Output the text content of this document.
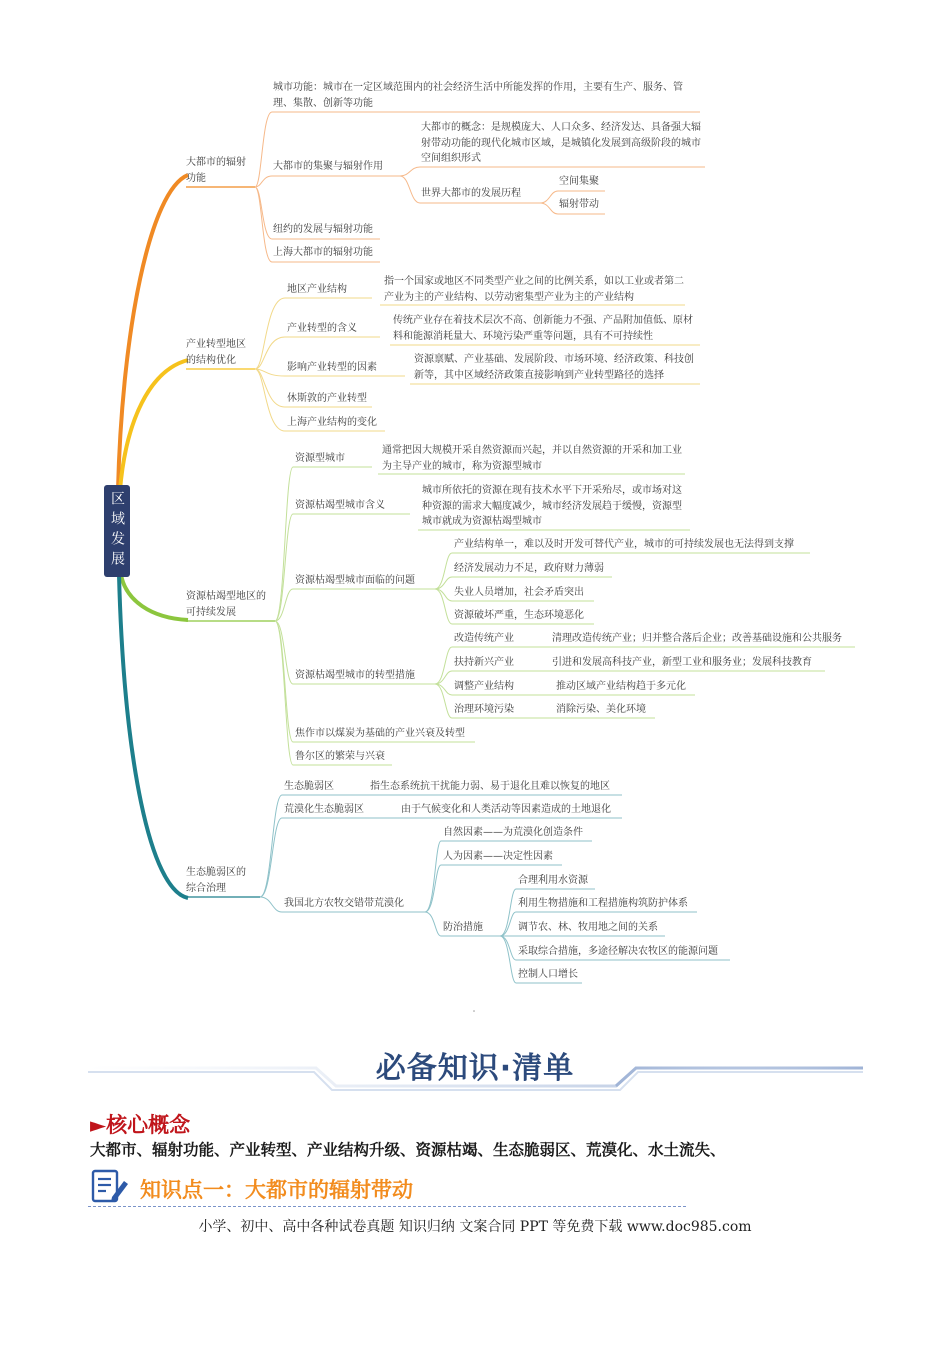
区域发展
大都市的辐射功能
城市功能：城市在一定区域范围内的社会经济生活中所能发挥的作用，主要有生产、服务、管理、集散、创新等功能
大都市的集聚与辐射作用
大都市的概念：是规模庞大、人口众多、经济发达、具备强大辐射带动功能的现代化城市区域，是城镇化发展到高级阶段的城市空间组织形式
世界大都市的发展历程
空间集聚
辐射带动
纽约的发展与辐射功能
上海大都市的辐射功能
产业转型地区的结构优化
地区产业结构
指一个国家或地区不同类型产业之间的比例关系，如以工业或者第二产业为主的产业结构、以劳动密集型产业为主的产业结构
产业转型的含义
传统产业存在着技术层次不高、创新能力不强、产品附加值低、原材料和能源消耗量大、环境污染严重等问题，具有不可持续性
影响产业转型的因素
资源禀赋、产业基础、发展阶段、市场环境、经济政策、科技创新等，其中区域经济政策直接影响到产业转型路径的选择
休斯敦的产业转型
上海产业结构的变化
资源枯竭型地区的可持续发展
资源型城市
通常把因大规模开采自然资源而兴起，并以自然资源的开采和加工业为主导产业的城市，称为资源型城市
资源枯竭型城市含义
城市所依托的资源在现有技术水平下开采殆尽，或市场对这种资源的需求大幅度减少，城市经济发展趋于缓慢，资源型城市就成为资源枯竭型城市
资源枯竭型城市面临的问题
产业结构单一，难以及时开发可替代产业，城市的可持续发展也无法得到支撑
经济发展动力不足，政府财力薄弱
失业人员增加，社会矛盾突出
资源破坏严重，生态环境恶化
资源枯竭型城市的转型措施
改造传统产业	清理改造传统产业；归并整合落后企业；改善基础设施和公共服务
扶持新兴产业	引进和发展高科技产业，新型工业和服务业；发展科技教育
调整产业结构	推动区域产业结构趋于多元化
治理环境污染	消除污染、美化环境
焦作市以煤炭为基础的产业兴衰及转型
鲁尔区的繁荣与兴衰
生态脆弱区的综合治理
生态脆弱区	指生态系统抗干扰能力弱、易于退化且难以恢复的地区
荒漠化生态脆弱区	由于气候变化和人类活动等因素造成的土地退化
我国北方农牧交错带荒漠化
自然因素——为荒漠化创造条件
人为因素——决定性因素
防治措施
合理利用水资源
利用生物措施和工程措施构筑防护体系
调节农、林、牧用地之间的关系
采取综合措施，多途径解决农牧区的能源问题
控制人口增长
必备知识·清单
►核心概念
大都市、辐射功能、产业转型、产业结构升级、资源枯竭、生态脆弱区、荒漠化、水土流失、
知识点一：大都市的辐射带动
小学、初中、高中各种试卷真题 知识归纳 文案合同 PPT 等免费下载 www.doc985.com
